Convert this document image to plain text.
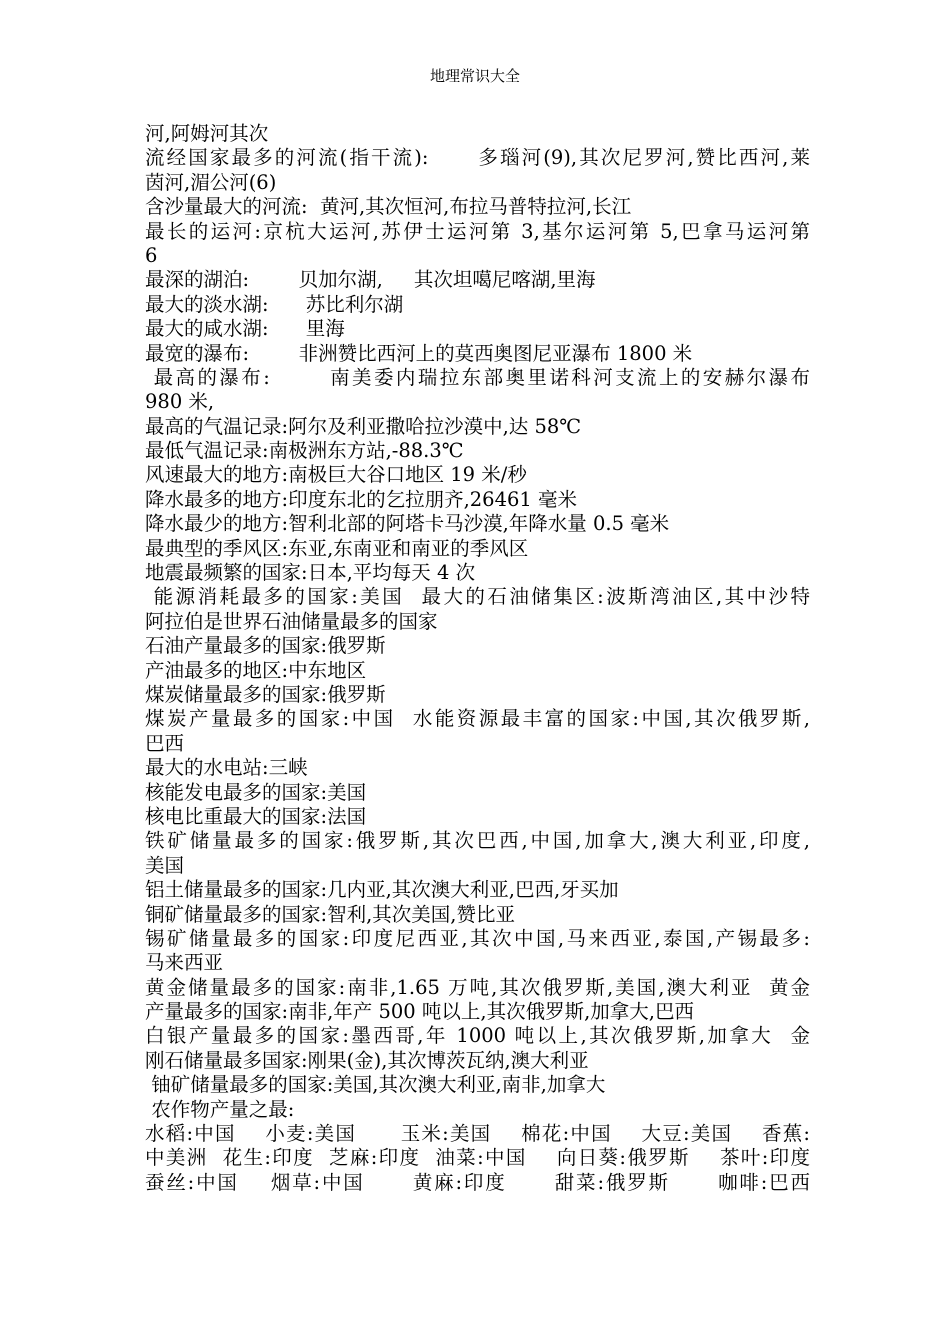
地理常识大全
河,阿姆河其次
流经国家最多的河流(指干流):      多瑙河(9),其次尼罗河,赞比西河,莱
茵河,湄公河(6)
含沙量最大的河流:  黄河,其次恒河,布拉马普特拉河,长江
最长的运河:京杭大运河,苏伊士运河第 3,基尔运河第 5,巴拿马运河第
6
最深的湖泊:        贝加尔湖,     其次坦噶尼喀湖,里海
最大的淡水湖:      苏比利尔湖
最大的咸水湖:      里海
最宽的瀑布:        非洲赞比西河上的莫西奥图尼亚瀑布 1800 米
最高的瀑布:       南美委内瑞拉东部奥里诺科河支流上的安赫尔瀑布
980 米,
最高的气温记录:阿尔及利亚撒哈拉沙漠中,达 58℃
最低气温记录:南极洲东方站,-88.3℃
风速最大的地方:南极巨大谷口地区 19 米/秒
降水最多的地方:印度东北的乞拉朋齐,26461 毫米
降水最少的地方:智利北部的阿塔卡马沙漠,年降水量 0.5 毫米
最典型的季风区:东亚,东南亚和南亚的季风区
地震最频繁的国家:日本,平均每天 4 次
能源消耗最多的国家:美国  最大的石油储集区:波斯湾油区,其中沙特
阿拉伯是世界石油储量最多的国家
石油产量最多的国家:俄罗斯
产油最多的地区:中东地区
煤炭储量最多的国家:俄罗斯
煤炭产量最多的国家:中国  水能资源最丰富的国家:中国,其次俄罗斯,
巴西
最大的水电站:三峡
核能发电最多的国家:美国
核电比重最大的国家:法国
铁矿储量最多的国家:俄罗斯,其次巴西,中国,加拿大,澳大利亚,印度,
美国
铝土储量最多的国家:几内亚,其次澳大利亚,巴西,牙买加
铜矿储量最多的国家:智利,其次美国,赞比亚
锡矿储量最多的国家:印度尼西亚,其次中国,马来西亚,泰国,产锡最多:
马来西亚
黄金储量最多的国家:南非,1.65 万吨,其次俄罗斯,美国,澳大利亚  黄金
产量最多的国家:南非,年产 500 吨以上,其次俄罗斯,加拿大,巴西
白银产量最多的国家:墨西哥,年 1000 吨以上,其次俄罗斯,加拿大  金
刚石储量最多国家:刚果(金),其次博茨瓦纳,澳大利亚
铀矿储量最多的国家:美国,其次澳大利亚,南非,加拿大
农作物产量之最:
水稻:中国    小麦:美国      玉米:美国    棉花:中国    大豆:美国    香蕉:
中美洲  花生:印度  芝麻:印度  油菜:中国    向日葵:俄罗斯    茶叶:印度
蚕丝:中国    烟草:中国      黄麻:印度      甜菜:俄罗斯      咖啡:巴西
